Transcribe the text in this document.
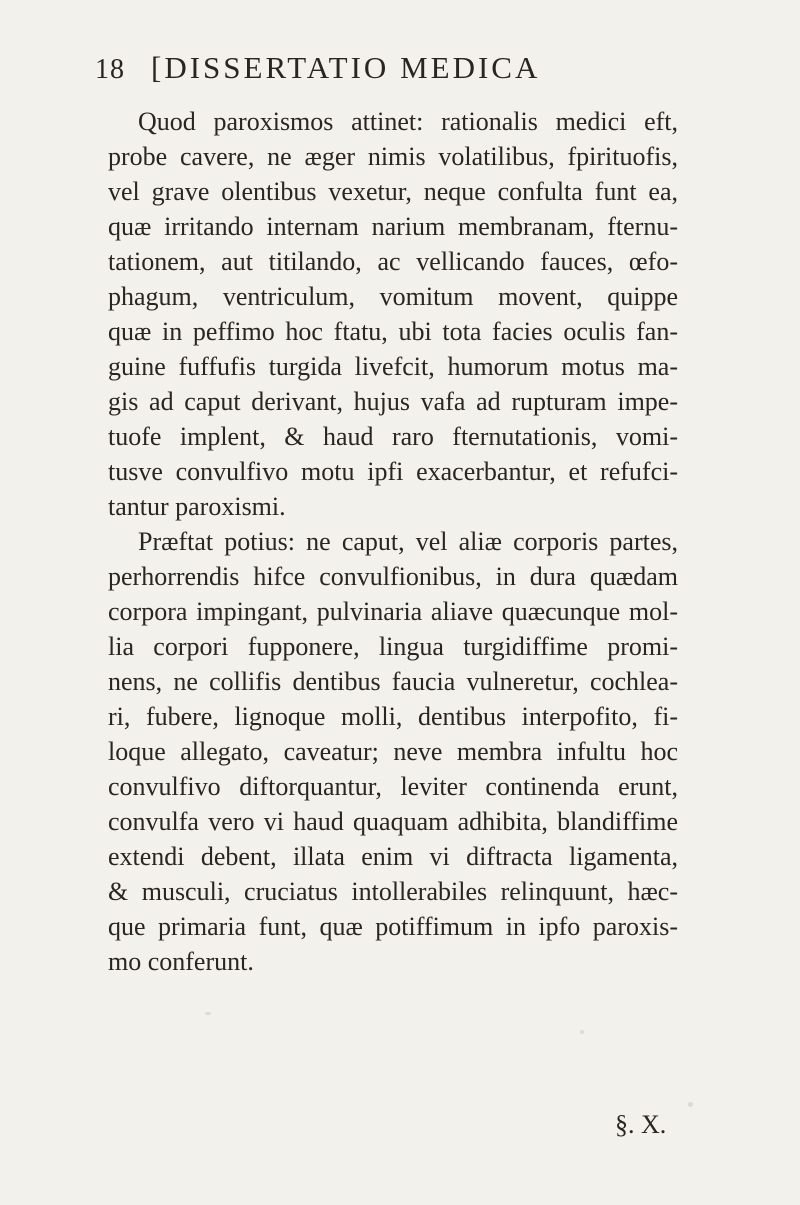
18 [DISSERTATIO MEDICA
Quod paroxismos attinet: rationalis medici eft,
probe cavere, ne æger nimis volatilibus, fpirituofis,
vel grave olentibus vexetur, neque confulta funt ea,
quæ irritando internam narium membranam, fternu-
tationem, aut titilando, ac vellicando fauces, œfo-
phagum, ventriculum, vomitum movent, quippe
quæ in peffimo hoc ftatu, ubi tota facies oculis fan-
guine fuffufis turgida livefcit, humorum motus ma-
gis ad caput derivant, hujus vafa ad rupturam impe-
tuofe implent, & haud raro fternutationis, vomi-
tusve convulfivo motu ipfi exacerbantur, et refufci-
tantur paroxismi.
Præftat potius: ne caput, vel aliæ corporis partes,
perhorrendis hifce convulfionibus, in dura quædam
corpora impingant, pulvinaria aliave quæcunque mol-
lia corpori fupponere, lingua turgidiffime promi-
nens, ne collifis dentibus faucia vulneretur, cochlea-
ri, fubere, lignoque molli, dentibus interpofito, fi-
loque allegato, caveatur; neve membra infultu hoc
convulfivo diftorquantur, leviter continenda erunt,
convulfa vero vi haud quaquam adhibita, blandiffime
extendi debent, illata enim vi diftracta ligamenta,
& musculi, cruciatus intollerabiles relinquunt, hæc-
que primaria funt, quæ potiffimum in ipfo paroxis-
mo conferunt.
§. X.
